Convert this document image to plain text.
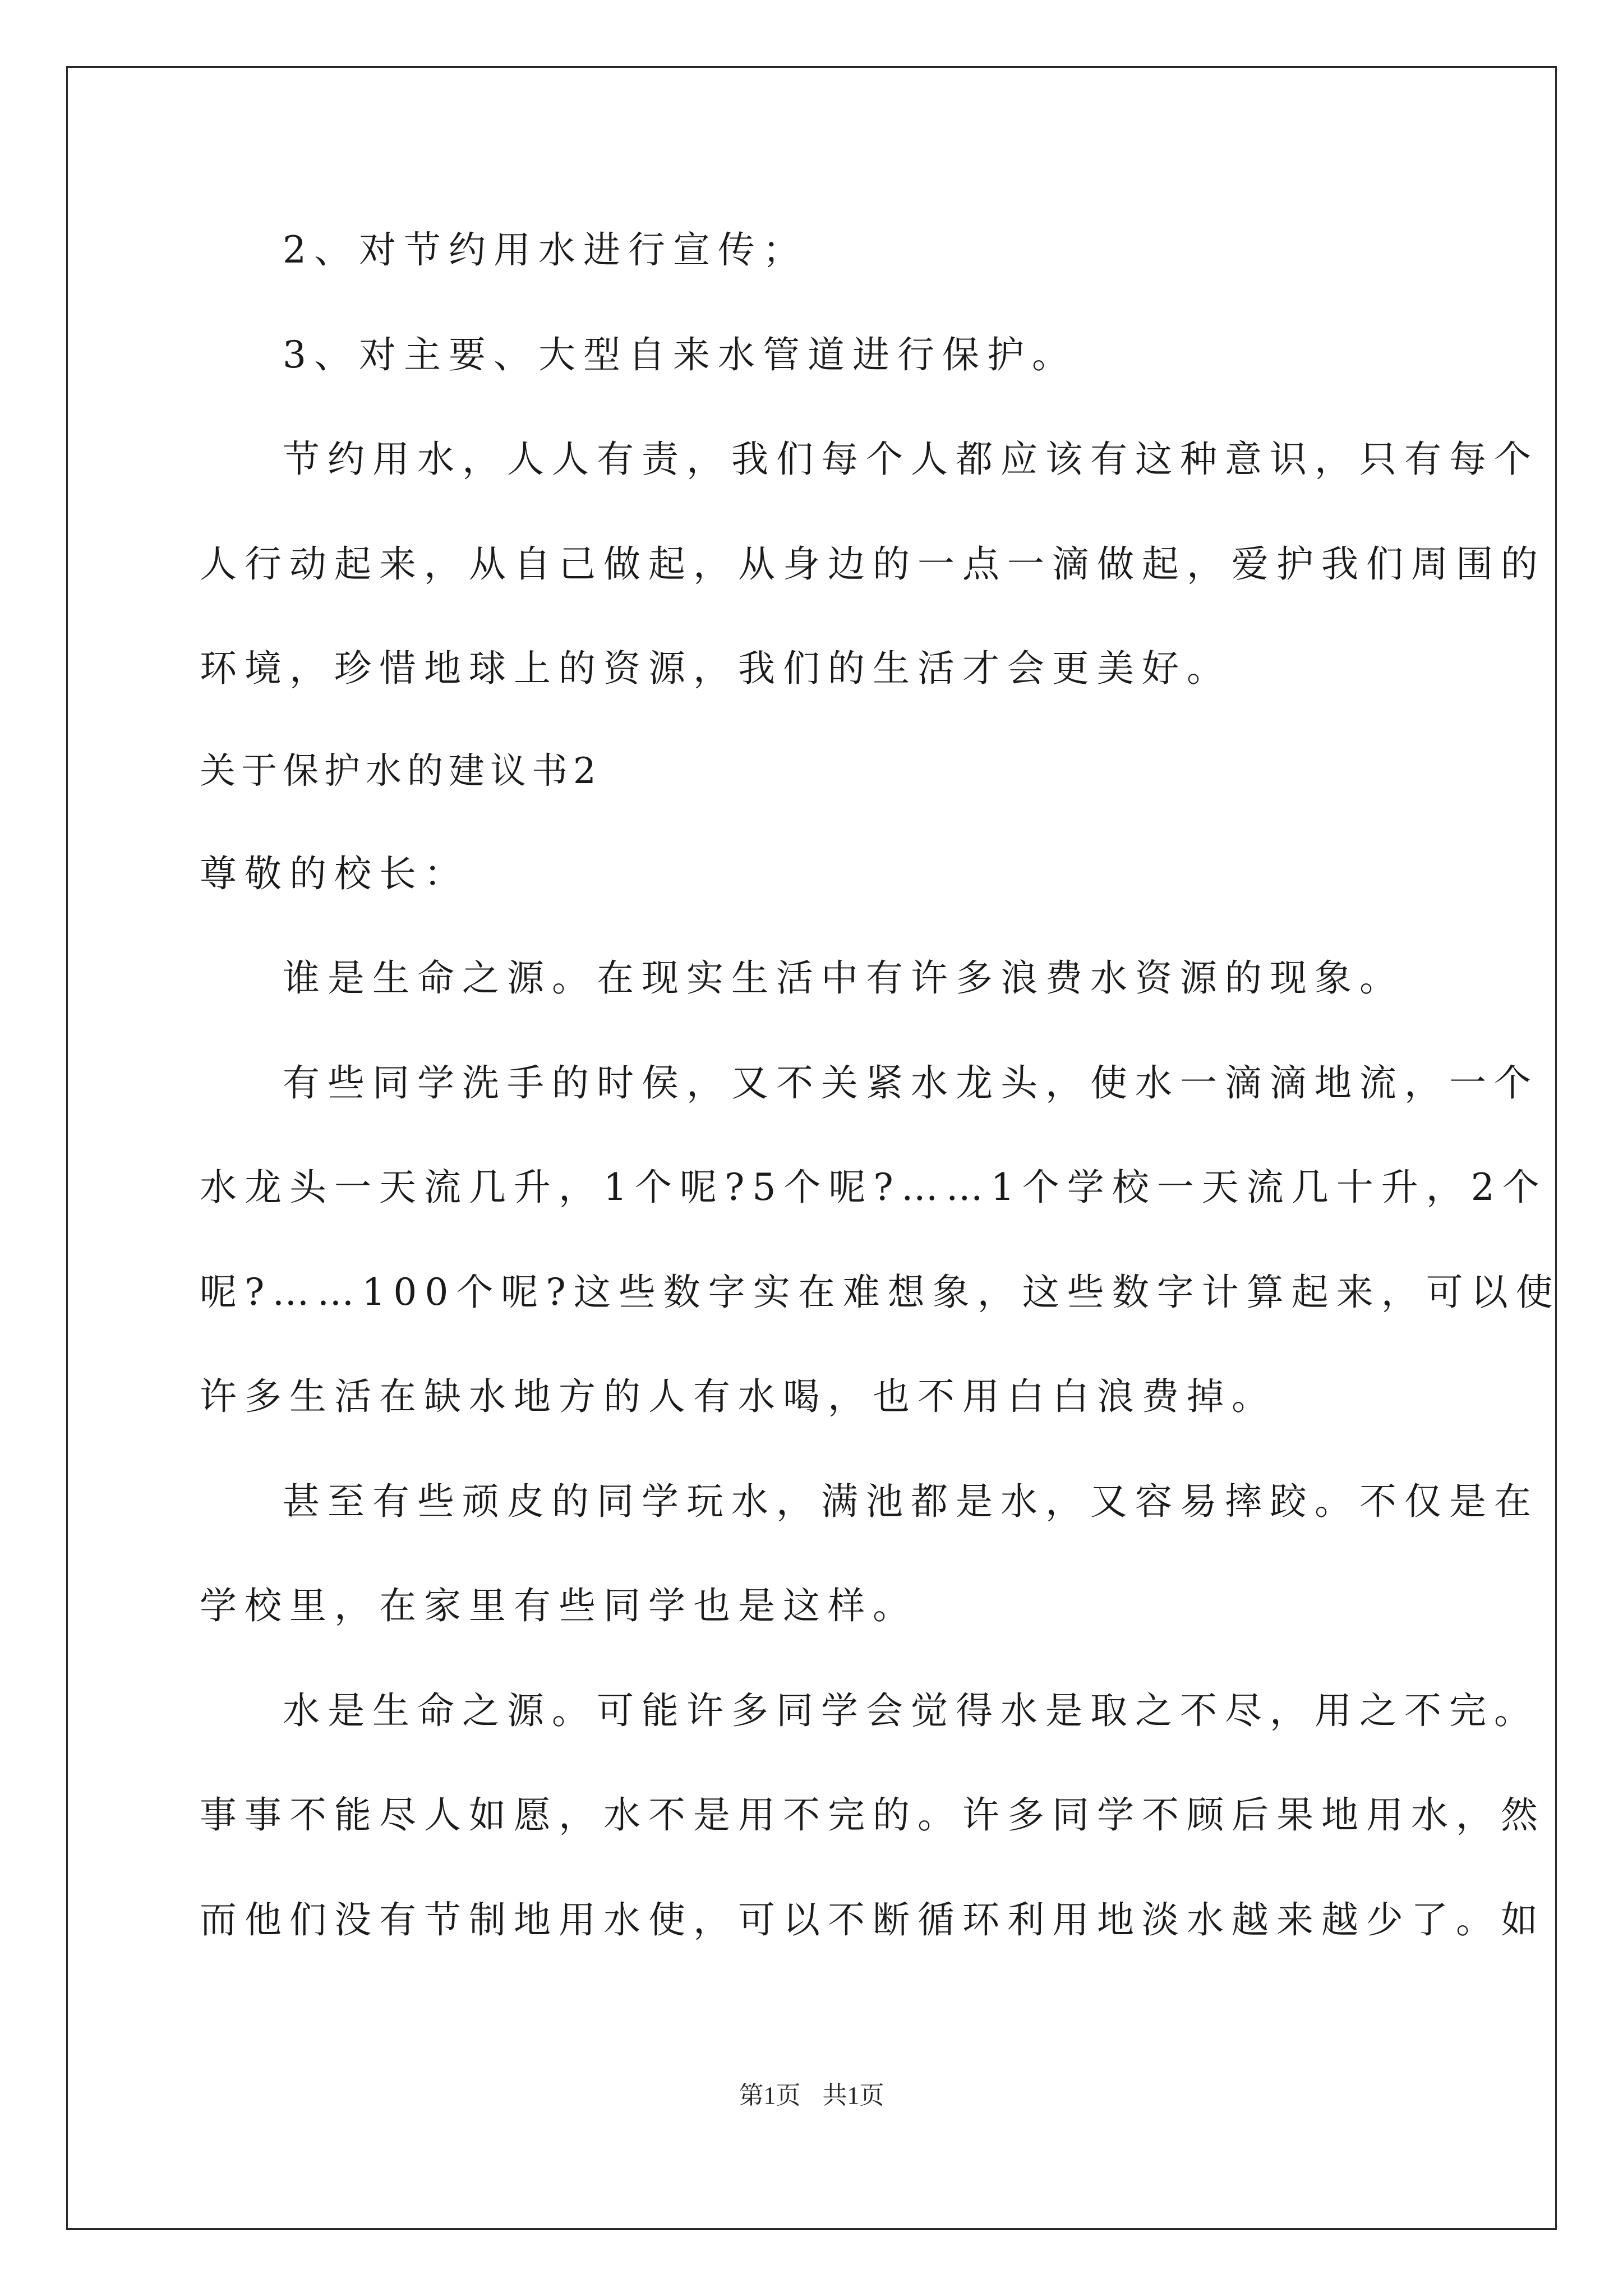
2、对节约用水进行宣传；
3、对主要、大型自来水管道进行保护。
节约用水，人人有责，我们每个人都应该有这种意识，只有每个
人行动起来，从自己做起，从身边的一点一滴做起，爱护我们周围的
环境，珍惜地球上的资源，我们的生活才会更美好。
关于保护水的建议书2
尊敬的校长：
谁是生命之源。在现实生活中有许多浪费水资源的现象。
有些同学洗手的时侯，又不关紧水龙头，使水一滴滴地流，一个
水龙头一天流几升，1个呢?5个呢?……1个学校一天流几十升，2个
呢?……100个呢?这些数字实在难想象，这些数字计算起来，可以使
许多生活在缺水地方的人有水喝，也不用白白浪费掉。
甚至有些顽皮的同学玩水，满池都是水，又容易摔跤。不仅是在
学校里，在家里有些同学也是这样。
水是生命之源。可能许多同学会觉得水是取之不尽，用之不完。
事事不能尽人如愿，水不是用不完的。许多同学不顾后果地用水，然
而他们没有节制地用水使，可以不断循环利用地淡水越来越少了。如
第1页 共1页
